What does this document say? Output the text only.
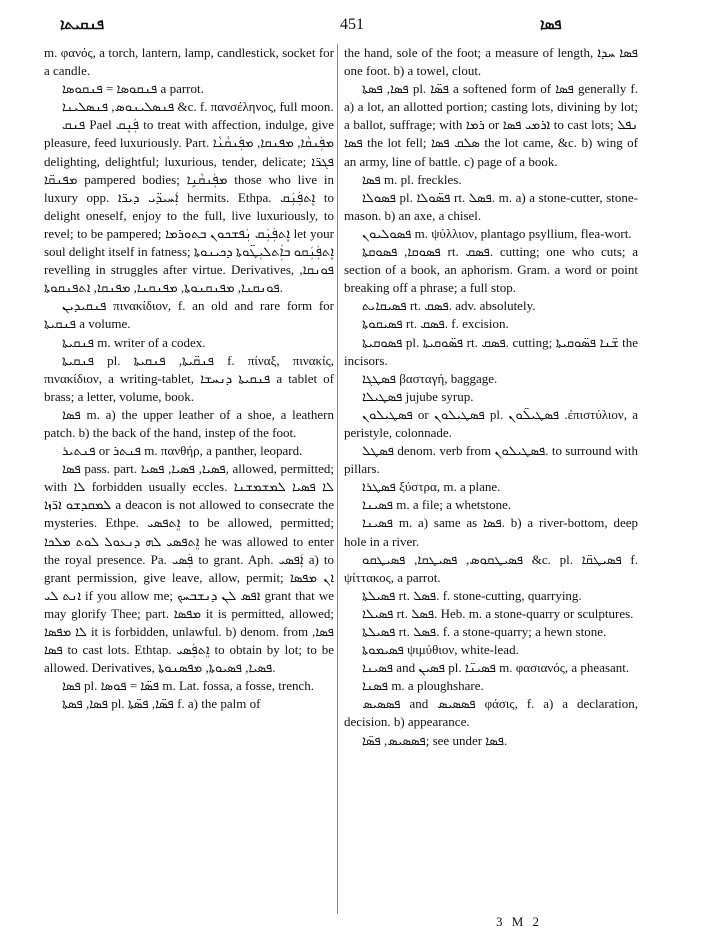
ܦܢܩܝܬܐ	451	ܦܣܐ

m. φανός, a torch, lantern, lamp, candlestick, socket for a candle.

ܦܢܩܘܣܐ = ܦܢܩܘܣܐ a parrot.

ܦܢܣܠܝܢܘܣ, ܦܢܣܠܝܢܐ &c. f. πανσέληνος, full moon.

ܦܢܩ Pael ܦܲܢܸܩ to treat with affection, indulge, give pleasure, feed luxuriously. Part. ܡܦܲܢܩܵܐ, ܡܦܢܩܐ, ܡܦܲܢܩܵܢܵܐ delighting, delightful; luxurious, tender, delicate; ܦܓܪ̈ܐ ܡܦܢܩ̈ܐ pampered bodies; ܡܦܲܢܩܵܢܹܐ those who live in luxury opp. ܐܲܚܝܕ̈ܝ ܕܝܪ̈ܐ hermits. Ethpa. ܐܸܬܦܲܢܲܩ to delight oneself, enjoy to the full, live luxuriously, to revel; to be pampered; ܐܸܬܦܲܢܲܩ ܢܲܦܫܟܘܢ ܒܬܘܪܡܐ let your soul delight itself in fatness; ܐܸܬܦܲܢܲܩܘ ܒܐܲܬܠܝܼܛ̈ܘܬܐ ܕܟܝܢܘܬܐ revelling in struggles after virtue. Derivatives, ܦܘܢܩܐ, ܦܘܢܩܢܐ, ܡܦܢܩܢܘܬܐ, ܡܦܢܩܢܐ, ܡܦܢܩܐ, ܐܬܦܢܩܘܬܐ.

ܦܢܩܝܕܝܢ πινακίδιον, f. an old and rare form for ܦܢܩܝܬܐ a volume.

ܦܢܩܝܬܐ m. writer of a codex.

ܦܢܩܝܬܐ pl. ܦܢܩ̈ܝܬܐ, ܦܢܩܝܬܐ f. πίναξ, πινακίς, πινακίδιον, a writing-tablet, ܦܢܩܝܬܐ ܕܢܚܫܐ a tablet of brass; a letter, volume, book.

ܦܣܐ m. a) the upper leather of a shoe, a leathern patch. b) the back of the hand, instep of the foot.

ܦܢܬܝܪ or ܦܢܬܪ m. πανθήρ, a panther, leopard.

ܦܣܐ pass. part. ܦܣܝܐ, ܦܣܝܐ, ܦܣܝܐ, allowed, permitted; with ܠܐ forbidden usually eccles. ܠܐ ܦܣܝܐ ܠܡܫܡܫܢܐ ܠܡܩܕܫܘ ܐܪ̈ܙܐ a deacon is not allowed to consecrate the mysteries. Ethpe. ܐܸܬܦܣܝ to be allowed, permitted; ܐܸܬܦܣܝ ܠܗ ܕܢܥܘܠ ܠܘܬ ܡܠܟܐ he was allowed to enter the royal presence. Pa. ܦܲܣܝ to grant. Aph. ܐܲܦܣܝ a) to grant permission, give leave, allow, permit; ܐܢ ܡܦܣܐ ܐܢܬ ܠܝ if you allow me; ܐܦܣ ܠܢ ܕܢܫܒܚܟ grant that we may glorify Thee; part. ܡܦܣܐ it is permitted, allowed; ܠܐ ܡܦܣܐ it is forbidden, unlawful. b) denom. from ܦܣܐ, ܦܣܐ to cast lots. Ethtap. ܐܸܬܦܲܣܝ to obtain by lot; to be allowed. Derivatives, ܦܣܝܐ, ܦܣܝܘܬܐ, ܡܦܣܢܘܬܐ.

ܦܣܐ pl. ܦܣ̈ܐ = ܦܘܣܐ m. Lat. fossa, a fosse, trench.

ܦܣܐ, ܦܣܬܐ pl. ܦܣ̈ܐ, ܦܣ̈ܬܐ f. a) the palm of

the hand, sole of the foot; a measure of length, ܦܣܐ ܚܕܐ one foot. b) a towel, clout.

ܦܣܐ, ܦܣܬܐ pl. ܦܣ̈ܐ a softened form of ܦܣܐ generally f. a) a lot, an allotted portion; casting lots, divining by lot; a ballot, suffrage; with ܪܡܐ or ܐܪܡܝ ܦܣܐ to cast lots; ܢܦܠ ܦܣܐ the lot fell; ܣܠܩ ܦܣܐ the lot came, &c. b) wing of an army, line of battle. c) page of a book.

ܦܣܐ m. pl. freckles.

ܦܣܘܠܐ pl. ܦܣ̈ܘܠܐ rt. ܦܣܠ. m. a) a stone-cutter, stone-mason. b) an axe, a chisel.

ܦܣܘܠܝܘܢ m. ψύλλιον, plantago psyllium, flea-wort.

ܦܣܘܩܐ, ܦܣܘܩܬܐ rt. ܦܣܩ. cutting; one who cuts; a section of a book, an aphorism. Gram. a word or point breaking off a phrase; a full stop.

ܦܣܝܩܐܝܬ rt. ܦܣܩ. adv. absolutely.

ܦܣܝܩܘܬܐ rt. ܦܣܩ. f. excision.

ܦܣܘܩܝܬܐ pl. ܦܣ̈ܘܩܝܬܐ rt. ܦܣܩ. cutting; ܫ̈ܢܐ ܦܣ̈ܘܩܝܬܐ the incisors.

ܦܣܛܓܐ βασταγή, baggage.

ܦܣܛܝܠܐ jujube syrup.

ܦܣܛܝܠܘܢ or ܦܣܛܝܠܘܢ pl. ܦܣܛܝܠ̈ܘܢ .ἐπιστύλιον, a peristyle, colonnade.

ܦܣܛܠ denom. verb from ܦܣܛܝܠܘܢ. to surround with pillars.

ܦܣܛܪܐ ξύστρα, m. a plane.

ܦܣܝܢܐ m. a file; a whetstone.

ܦܣܝܢܐ m. a) same as ܦܣܐ. b) a river-bottom, deep hole in a river.

ܦܣܝܛܩܘܣ, ܦܣܝܛܩܐ, ܦܣܝܛܩܘ &c. pl. ܦܣܝܛܩ̈ܐ f. ψίττακος, a parrot.

ܦܣܝܠܬܐ rt. ܦܣܠ. f. stone-cutting, quarrying.

ܦܣܝܠܐ rt. ܦܣܠ. Heb. m. a stone-quarry or sculptures.

ܦܣܝܠܬܐ rt. ܦܣܠ. f. a stone-quarry; a hewn stone.

ܦܣܝܡܘܬܐ ψιμύθιον, white-lead.

ܦܣܝܢܐ and ܦܣܝܢ pl. ܦܣܝܢ̈ܐ m. φασιανός, a pheasant.

ܦܣܢܐ m. a ploughshare.

ܦܣܣܝܣ and ܦܣܣܝܣ φάσις, f. a) a declaration, decision. b) appearance.

ܦܣܣܝܣ, ܦܣ̈ܐ; see under ܦܣܐ.

3 M 2
